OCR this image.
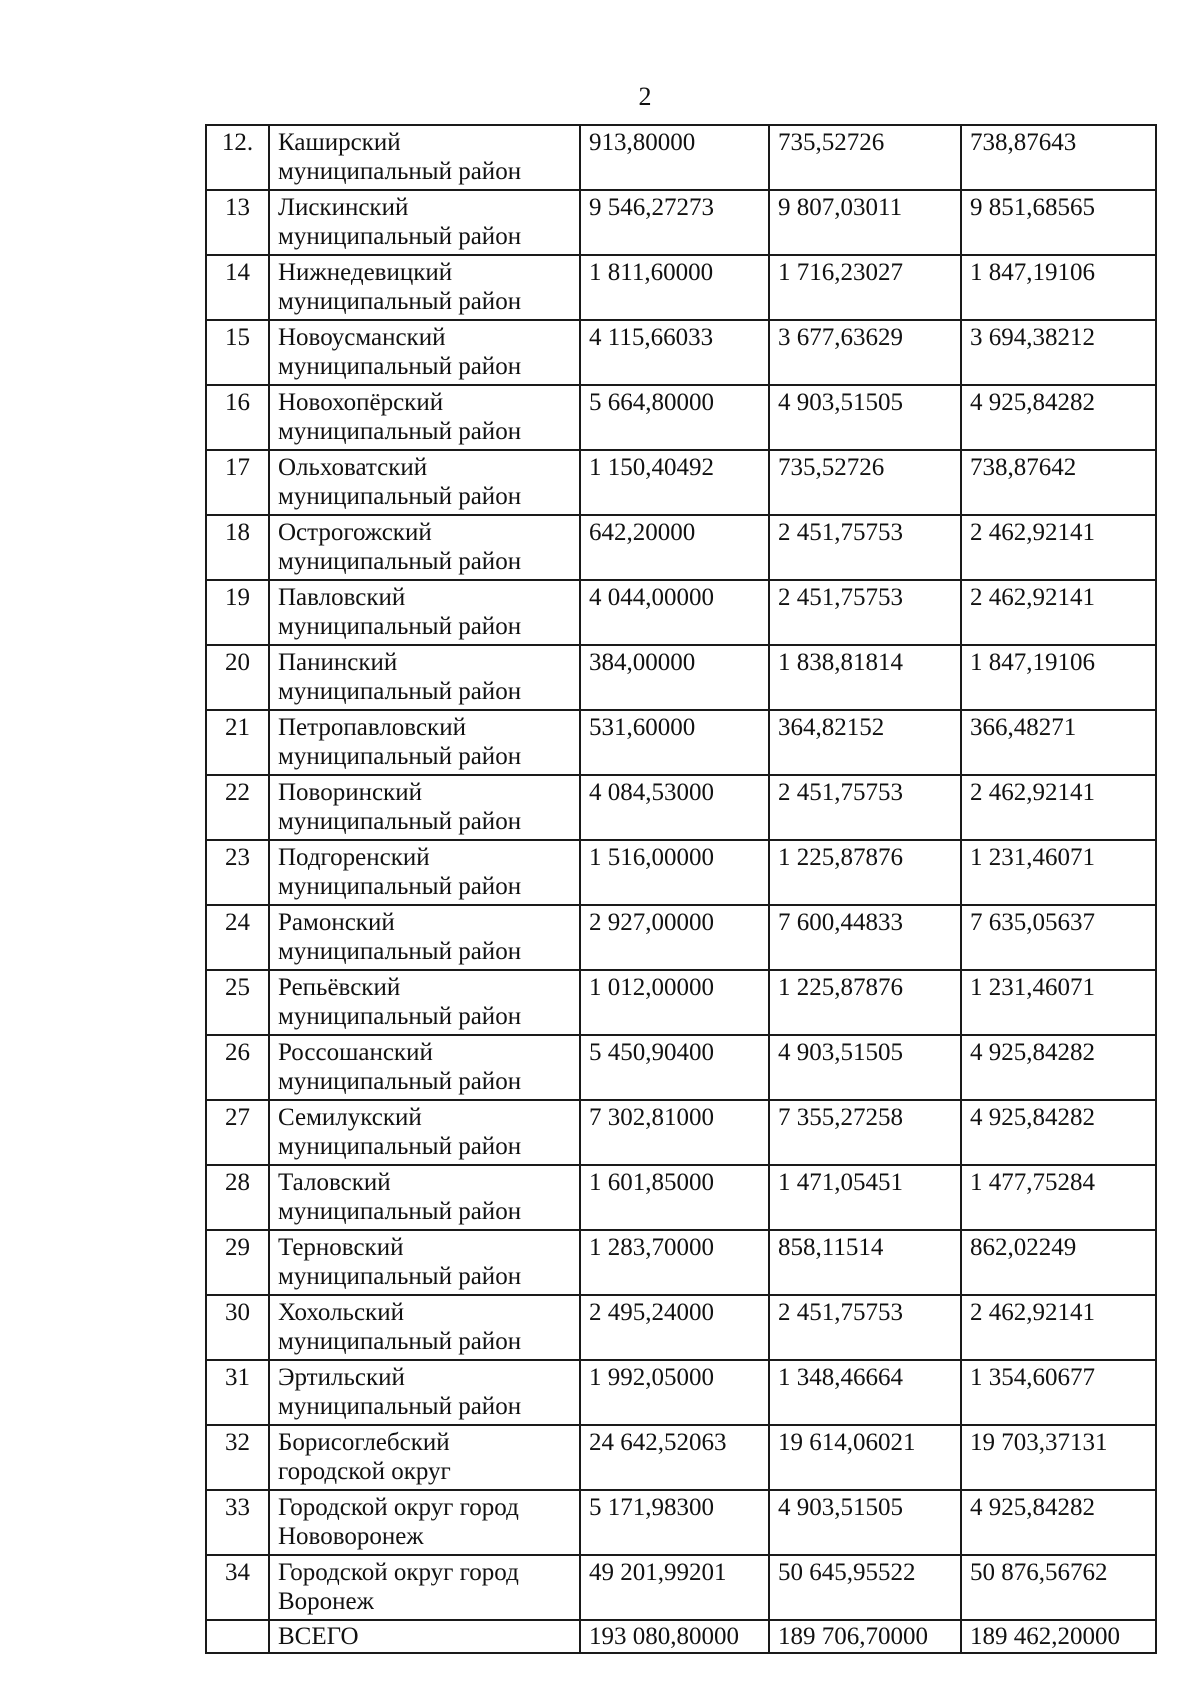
2
12.	Каширский
муниципальный район	913,80000	735,52726	738,87643
13	Лискинский
муниципальный район	9 546,27273	9 807,03011	9 851,68565
14	Нижнедевицкий
муниципальный район	1 811,60000	1 716,23027	1 847,19106
15	Новоусманский
муниципальный район	4 115,66033	3 677,63629	3 694,38212
16	Новохопёрский
муниципальный район	5 664,80000	4 903,51505	4 925,84282
17	Ольховатский
муниципальный район	1 150,40492	735,52726	738,87642
18	Острогожский
муниципальный район	642,20000	2 451,75753	2 462,92141
19	Павловский
муниципальный район	4 044,00000	2 451,75753	2 462,92141
20	Панинский
муниципальный район	384,00000	1 838,81814	1 847,19106
21	Петропавловский
муниципальный район	531,60000	364,82152	366,48271
22	Поворинский
муниципальный район	4 084,53000	2 451,75753	2 462,92141
23	Подгоренский
муниципальный район	1 516,00000	1 225,87876	1 231,46071
24	Рамонский
муниципальный район	2 927,00000	7 600,44833	7 635,05637
25	Репьёвский
муниципальный район	1 012,00000	1 225,87876	1 231,46071
26	Россошанский
муниципальный район	5 450,90400	4 903,51505	4 925,84282
27	Семилукский
муниципальный район	7 302,81000	7 355,27258	4 925,84282
28	Таловский
муниципальный район	1 601,85000	1 471,05451	1 477,75284
29	Терновский
муниципальный район	1 283,70000	858,11514	862,02249
30	Хохольский
муниципальный район	2 495,24000	2 451,75753	2 462,92141
31	Эртильский
муниципальный район	1 992,05000	1 348,46664	1 354,60677
32	Борисоглебский
городской округ	24 642,52063	19 614,06021	19 703,37131
33	Городской округ город
Нововоронеж	5 171,98300	4 903,51505	4 925,84282
34	Городской округ город
Воронеж	49 201,99201	50 645,95522	50 876,56762
	ВСЕГО	193 080,80000	189 706,70000	189 462,20000
